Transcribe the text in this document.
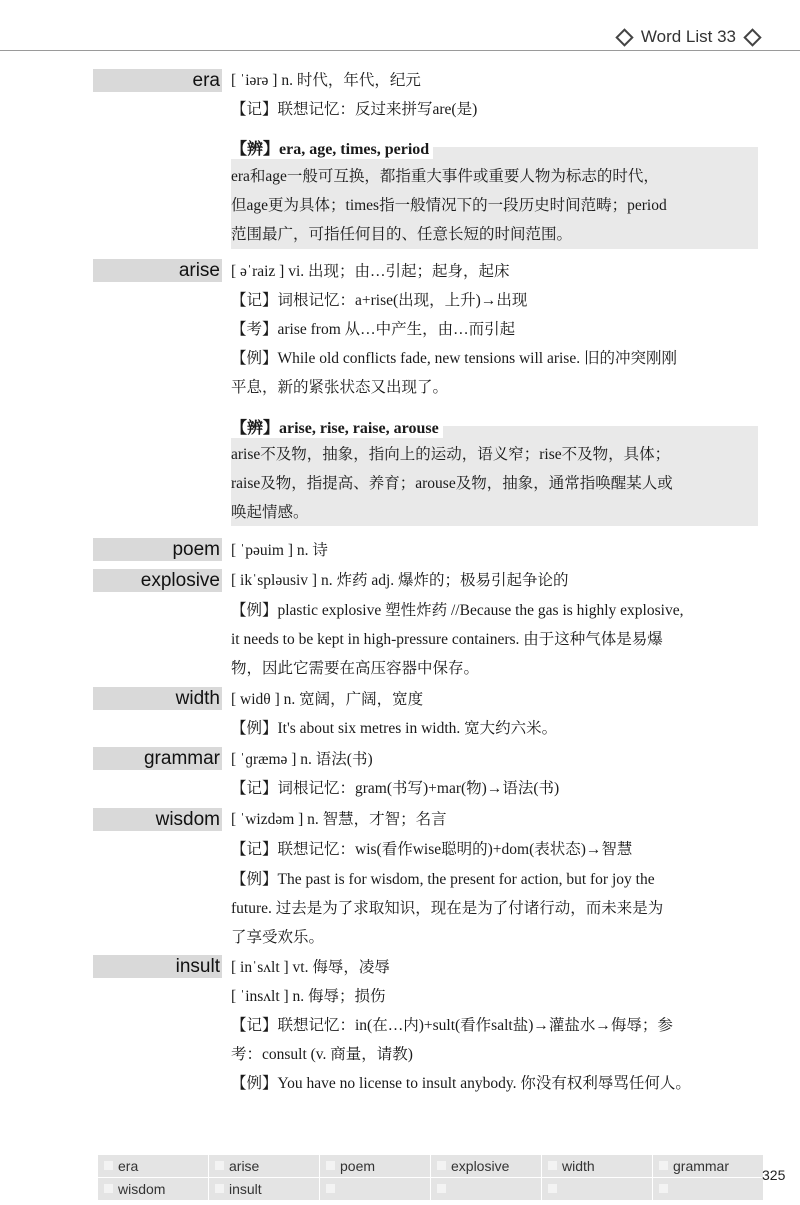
Word List 33
era [ ˈiərə ] n. 时代，年代，纪元
【记】联想记忆：反过来拼写are(是)
【辨】era, age, times, period
era和age一般可互换，都指重大事件或重要人物为标志的时代，
但age更为具体；times指一般情况下的一段历史时间范畴；period
范围最广，可指任何目的、任意长短的时间范围。
arise [ əˈraiz ] vi. 出现；由…引起；起身，起床
【记】词根记忆：a+rise(出现，上升)→出现
【考】arise from 从…中产生，由…而引起
【例】While old conflicts fade, new tensions will arise. 旧的冲突刚刚
平息，新的紧张状态又出现了。
【辨】arise, rise, raise, arouse
arise不及物，抽象，指向上的运动，语义窄；rise不及物，具体；
raise及物，指提高、养育；arouse及物，抽象，通常指唤醒某人或
唤起情感。
poem [ ˈpəuim ] n. 诗
explosive [ ikˈspləusiv ] n. 炸药 adj. 爆炸的；极易引起争论的
【例】plastic explosive 塑性炸药 //Because the gas is highly explosive,
it needs to be kept in high-pressure containers. 由于这种气体是易爆
物，因此它需要在高压容器中保存。
width [ widθ ] n. 宽阔，广阔，宽度
【例】It's about six metres in width. 宽大约六米。
grammar [ ˈɡræmə ] n. 语法(书)
【记】词根记忆：gram(书写)+mar(物)→语法(书)
wisdom [ ˈwizdəm ] n. 智慧，才智；名言
【记】联想记忆：wis(看作wise聪明的)+dom(表状态)→智慧
【例】The past is for wisdom, the present for action, but for joy the
future. 过去是为了求取知识，现在是为了付诸行动，而未来是为
了享受欢乐。
insult [ inˈsʌlt ] vt. 侮辱，凌辱
[ ˈinsʌlt ] n. 侮辱；损伤
【记】联想记忆：in(在…内)+sult(看作salt盐)→灌盐水→侮辱；参
考：consult (v. 商量，请教)
【例】You have no license to insult anybody. 你没有权利辱骂任何人。
era	arise	poem	explosive	width	grammar
wisdom	insult
325
